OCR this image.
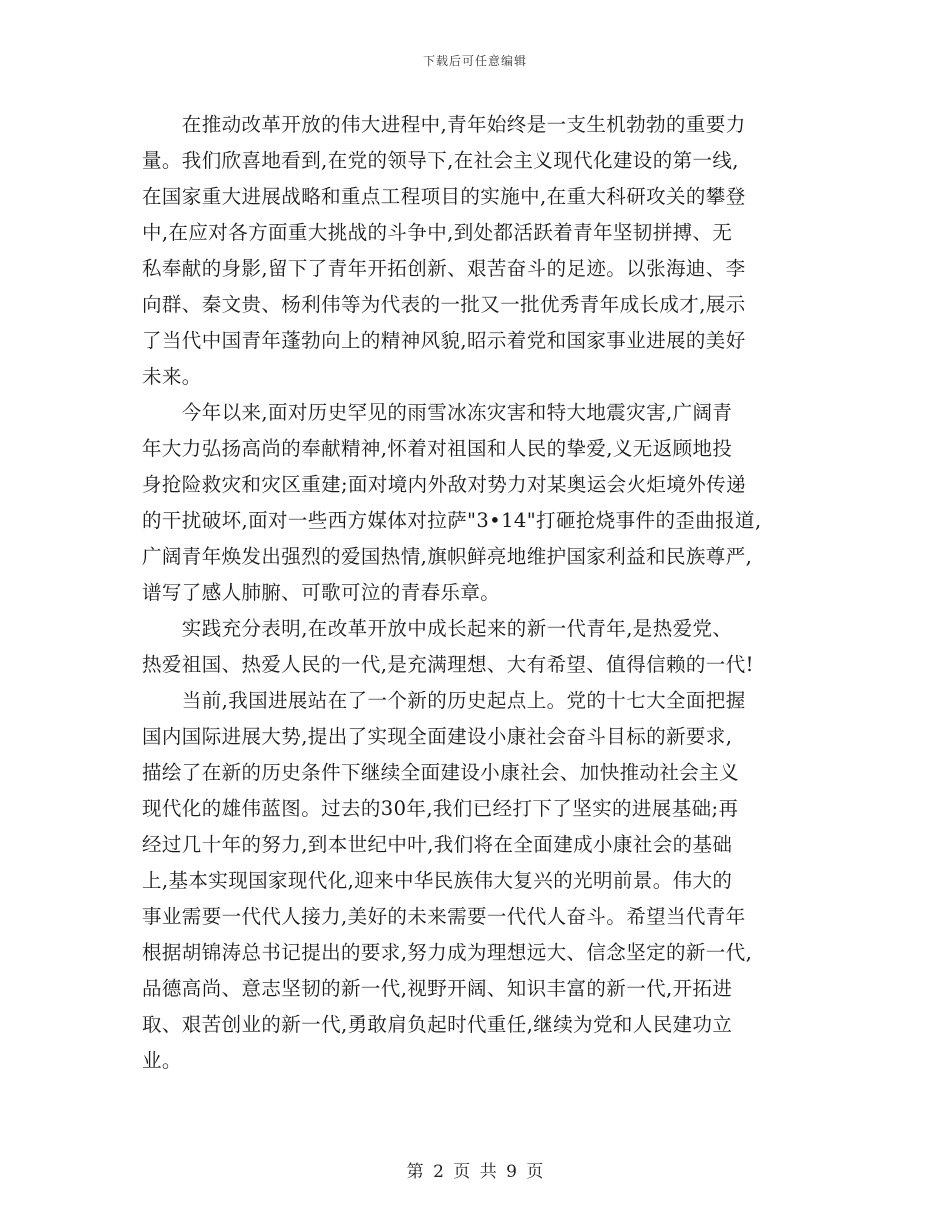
下载后可任意编辑
　　在推动改革开放的伟大进程中,青年始终是一支生机勃勃的重要力
量。我们欣喜地看到,在党的领导下,在社会主义现代化建设的第一线,
在国家重大进展战略和重点工程项目的实施中,在重大科研攻关的攀登
中,在应对各方面重大挑战的斗争中,到处都活跃着青年坚韧拼搏、无
私奉献的身影,留下了青年开拓创新、艰苦奋斗的足迹。以张海迪、李
向群、秦文贵、杨利伟等为代表的一批又一批优秀青年成长成才,展示
了当代中国青年蓬勃向上的精神风貌,昭示着党和国家事业进展的美好
未来。
　　今年以来,面对历史罕见的雨雪冰冻灾害和特大地震灾害,广阔青
年大力弘扬高尚的奉献精神,怀着对祖国和人民的挚爱,义无返顾地投
身抢险救灾和灾区重建;面对境内外敌对势力对某奥运会火炬境外传递
的干扰破坏,面对一些西方媒体对拉萨"3•14"打砸抢烧事件的歪曲报道,
广阔青年焕发出强烈的爱国热情,旗帜鲜亮地维护国家利益和民族尊严,
谱写了感人肺腑、可歌可泣的青春乐章。
　　实践充分表明,在改革开放中成长起来的新一代青年,是热爱党、
热爱祖国、热爱人民的一代,是充满理想、大有希望、值得信赖的一代!
　　当前,我国进展站在了一个新的历史起点上。党的十七大全面把握
国内国际进展大势,提出了实现全面建设小康社会奋斗目标的新要求,
描绘了在新的历史条件下继续全面建设小康社会、加快推动社会主义
现代化的雄伟蓝图。过去的30年,我们已经打下了坚实的进展基础;再
经过几十年的努力,到本世纪中叶,我们将在全面建成小康社会的基础
上,基本实现国家现代化,迎来中华民族伟大复兴的光明前景。伟大的
事业需要一代代人接力,美好的未来需要一代代人奋斗。希望当代青年
根据胡锦涛总书记提出的要求,努力成为理想远大、信念坚定的新一代,
品德高尚、意志坚韧的新一代,视野开阔、知识丰富的新一代,开拓进
取、艰苦创业的新一代,勇敢肩负起时代重任,继续为党和人民建功立
业。
第 2 页 共 9 页
